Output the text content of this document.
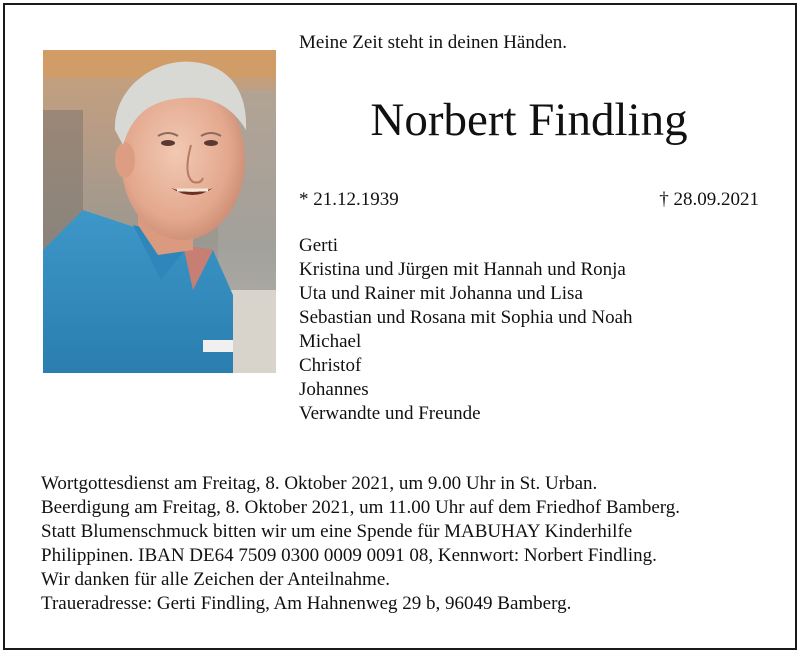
Meine Zeit steht in deinen Händen.
Norbert Findling
* 21.12.1939	† 28.09.2021
Gerti
Kristina und Jürgen mit Hannah und Ronja
Uta und Rainer mit Johanna und Lisa
Sebastian und Rosana mit Sophia und Noah
Michael
Christof
Johannes
Verwandte und Freunde
Wortgottesdienst am Freitag, 8. Oktober 2021, um 9.00 Uhr in St. Urban.
Beerdigung am Freitag, 8. Oktober 2021, um 11.00 Uhr auf dem Friedhof Bamberg.
Statt Blumenschmuck bitten wir um eine Spende für MABUHAY Kinderhilfe
Philippinen. IBAN DE64 7509 0300 0009 0091 08, Kennwort: Norbert Findling.
Wir danken für alle Zeichen der Anteilnahme.
Traueradresse: Gerti Findling, Am Hahnenweg 29 b, 96049 Bamberg.
